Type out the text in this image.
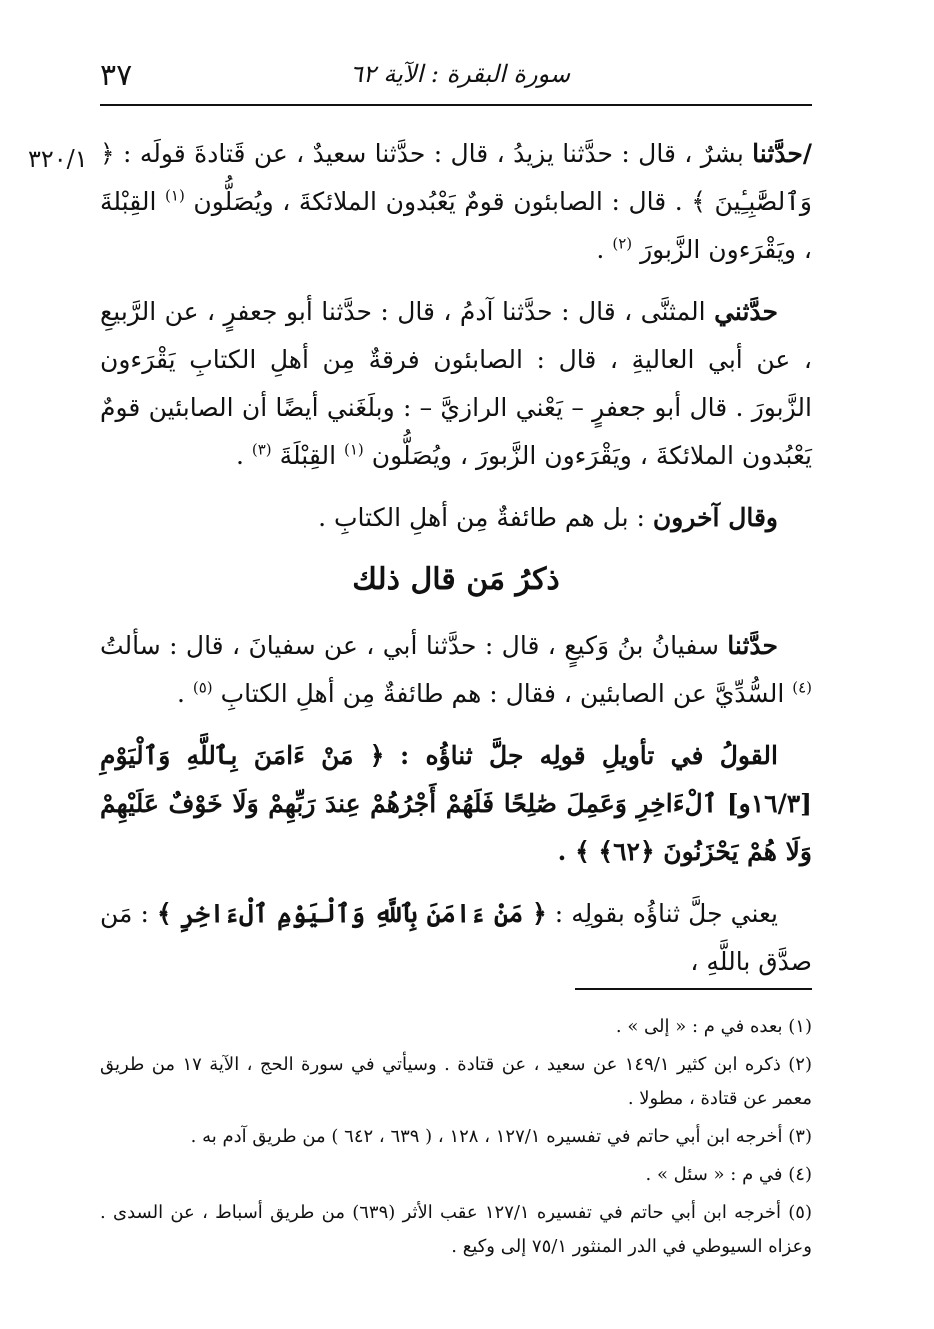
٣٧	سورة البقرة : الآية ٦٢
٣٢٠/١	/حدَّثنا بشرٌ ، قال : حدَّثنا يزيدُ ، قال : حدَّثنا سعيدٌ ، عن قَتادةَ قولَه : ﴿ وَٱلصَّٰبِـِٔينَ ﴾ . قال : الصابئون قومٌ يَعْبُدون الملائكةَ ، ويُصَلُّون $^{(١)}$ القِبْلةَ ، ويَقْرَءون الزَّبورَ $^{(٢)}$ .

حدَّثني المثنَّى ، قال : حدَّثنا آدمُ ، قال : حدَّثنا أبو جعفرٍ ، عن الرَّبيعِ ، عن أبي العاليةِ ، قال : الصابئون فرقةٌ مِن أهلِ الكتابِ يَقْرَءون الزَّبورَ . قال أبو جعفرٍ – يَعْني الرازيَّ – : وبلَغَني أيضًا أن الصابئين قومٌ يَعْبُدون الملائكةَ ، ويَقْرَءون الزَّبورَ ، ويُصَلُّون $^{(١)}$ القِبْلَةَ $^{(٣)}$ .

وقال آخرون : بل هم طائفةٌ مِن أهلِ الكتابِ .

ذكرُ مَن قال ذلك

حدَّثنا سفيانُ بنُ وَكيعٍ ، قال : حدَّثنا أبي ، عن سفيانَ ، قال : سألتُ $^{(٤)}$ السُّدِّيَّ عن الصابئين ، فقال : هم طائفةٌ مِن أهلِ الكتابِ $^{(٥)}$ .

القولُ في تأويلِ قولِه جلَّ ثناؤُه : ﴿ مَنْ ءَامَنَ بِٱللَّهِ وَٱلْيَوْمِ [١٦/٣و] ٱلْءَاخِرِ وَعَمِلَ صَٰلِحًا فَلَهُمْ أَجْرُهُمْ عِندَ رَبِّهِمْ وَلَا خَوْفٌ عَلَيْهِمْ وَلَا هُمْ يَحْزَنُونَ ﴿٦٢﴾ ﴾ .

يعني جلَّ ثناؤُه بقولِه : ﴿ مَنْ ءَامَنَ بِٱللَّهِ وَٱلْيَوْمِ ٱلْءَاخِرِ ﴾ : مَن صدَّق باللَّهِ ،

(١) بعده في م : « إلى » .

(٢) ذكره ابن كثير ١٤٩/١ عن سعيد ، عن قتادة . وسيأتي في سورة الحج ، الآية ١٧ من طريق معمر عن قتادة ، مطولا .

(٣) أخرجه ابن أبي حاتم في تفسيره ١٢٧/١ ، ١٢٨ ، ( ٦٣٩ ، ٦٤٢ ) من طريق آدم به .

(٤) في م : « سئل » .

(٥) أخرجه ابن أبي حاتم في تفسيره ١٢٧/١ عقب الأثر (٦٣٩) من طريق أسباط ، عن السدى . وعزاه السيوطي في الدر المنثور ٧٥/١ إلى وكيع .
